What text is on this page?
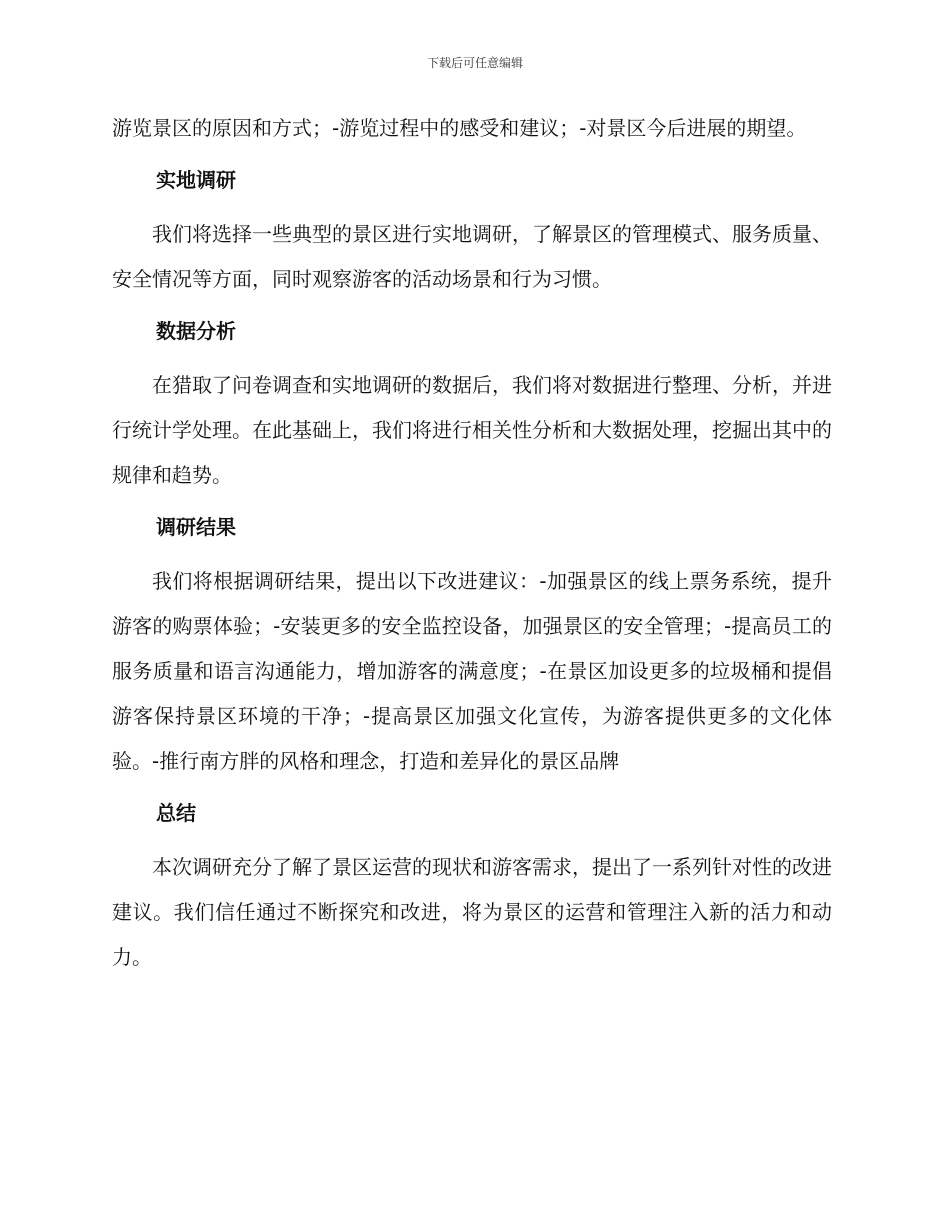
下载后可任意编辑

游览景区的原因和方式；‐游览过程中的感受和建议；‐对景区今后进展的期望。

实地调研

我们将选择一些典型的景区进行实地调研，了解景区的管理模式、服务质量、安全情况等方面，同时观察游客的活动场景和行为习惯。

数据分析

在猎取了问卷调查和实地调研的数据后，我们将对数据进行整理、分析，并进行统计学处理。在此基础上，我们将进行相关性分析和大数据处理，挖掘出其中的规律和趋势。

调研结果

我们将根据调研结果，提出以下改进建议：‐加强景区的线上票务系统，提升游客的购票体验；‐安装更多的安全监控设备，加强景区的安全管理；‐提高员工的服务质量和语言沟通能力，增加游客的满意度；‐在景区加设更多的垃圾桶和提倡游客保持景区环境的干净；‐提高景区加强文化宣传，为游客提供更多的文化体验。‐推行南方胖的风格和理念，打造和差异化的景区品牌

总结

本次调研充分了解了景区运营的现状和游客需求，提出了一系列针对性的改进建议。我们信任通过不断探究和改进，将为景区的运营和管理注入新的活力和动力。
